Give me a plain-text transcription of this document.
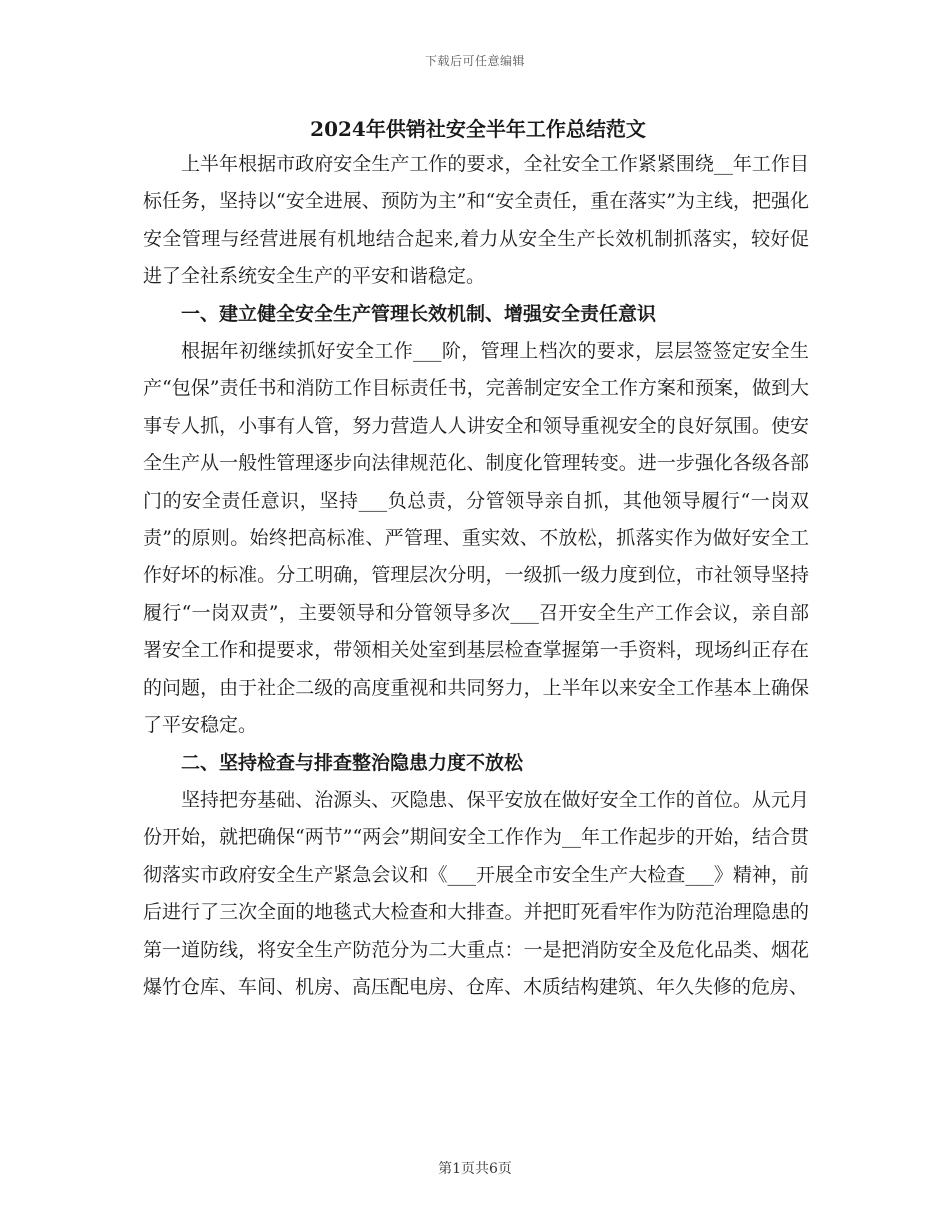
下载后可任意编辑
2024年供销社安全半年工作总结范文

上半年根据市政府安全生产工作的要求，全社安全工作紧紧围绕__年工作目标任务，坚持以“安全进展、预防为主”和“安全责任，重在落实”为主线，把强化安全管理与经营进展有机地结合起来,着力从安全生产长效机制抓落实，较好促进了全社系统安全生产的平安和谐稳定。

一、建立健全安全生产管理长效机制、增强安全责任意识

根据年初继续抓好安全工作___阶，管理上档次的要求，层层签签定安全生产“包保”责任书和消防工作目标责任书，完善制定安全工作方案和预案，做到大事专人抓，小事有人管，努力营造人人讲安全和领导重视安全的良好氛围。使安全生产从一般性管理逐步向法律规范化、制度化管理转变。进一步强化各级各部门的安全责任意识，坚持___负总责，分管领导亲自抓，其他领导履行“一岗双责”的原则。始终把高标准、严管理、重实效、不放松，抓落实作为做好安全工作好坏的标准。分工明确，管理层次分明，一级抓一级力度到位，市社领导坚持履行“一岗双责”，主要领导和分管领导多次___召开安全生产工作会议，亲自部署安全工作和提要求，带领相关处室到基层检查掌握第一手资料，现场纠正存在的问题，由于社企二级的高度重视和共同努力，上半年以来安全工作基本上确保了平安稳定。

二、坚持检查与排查整治隐患力度不放松

坚持把夯基础、治源头、灭隐患、保平安放在做好安全工作的首位。从元月份开始，就把确保“两节”“两会”期间安全工作作为__年工作起步的开始，结合贯彻落实市政府安全生产紧急会议和《___开展全市安全生产大检查___》精神，前后进行了三次全面的地毯式大检查和大排查。并把盯死看牢作为防范治理隐患的第一道防线，将安全生产防范分为二大重点：一是把消防安全及危化品类、烟花爆竹仓库、车间、机房、高压配电房、仓库、木质结构建筑、年久失修的危房、

第1页共6页
